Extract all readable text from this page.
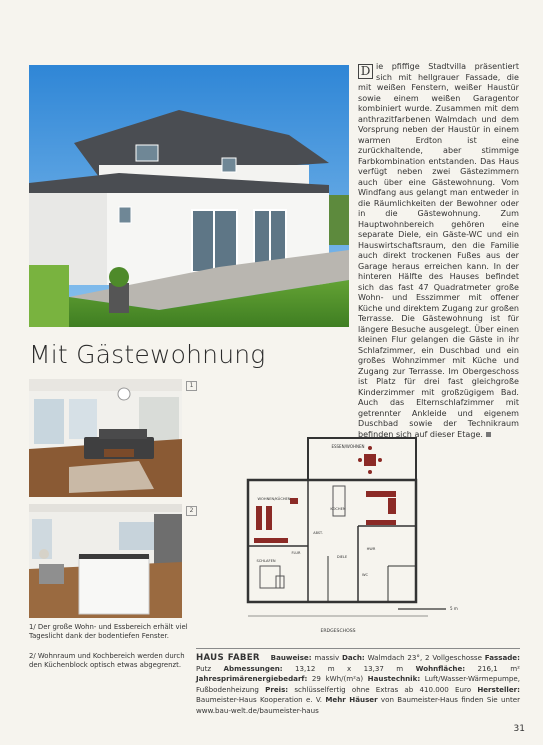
1
2
Mit Gästewohnung
D ie pfiffige Stadtvilla präsentiert sich mit hellgrauer Fassade, die mit weißen Fenstern, weißer Haustür sowie einem weißen Garagentor kombiniert wurde. Zusammen mit dem anthrazitfarbenen Walmdach und dem Vorsprung neben der Haustür in einem warmen Erdton ist eine zurückhaltende, aber stimmige Farbkombination entstanden. Das Haus verfügt neben zwei Gästezimmern auch über eine Gästewohnung. Vom Windfang aus gelangt man entweder in die Räumlichkeiten der Bewohner oder in die Gästewohnung. Zum Hauptwohnbereich gehören eine separate Diele, ein Gäste-WC und ein Hauswirtschaftsraum, den die Familie auch direkt trockenen Fußes aus der Garage heraus erreichen kann. In der hinteren Hälfte des Hauses befindet sich das fast 47 Quadratmeter große Wohn- und Esszimmer mit offener Küche und direktem Zugang zur großen Terrasse. Die Gästewohnung ist für längere Besuche ausgelegt. Über einen kleinen Flur gelangen die Gäste in ihr Schlafzimmer, ein Duschbad und ein großes Wohnzimmer mit Küche und Zugang zur Terrasse. Im Obergeschoss ist Platz für drei fast gleichgroße Kinderzimmer mit großzügigem Bad. Auch das Elternschlafzimmer mit getrennter Ankleide und eigenem Duschbad sowie der Technikraum befinden sich auf dieser Etage.
ESSEN/WOHNEN
WOHNEN/KÜCHEN
KOCHEN
ABST.
FLUR
DIELE
HWR
SCHLAFEN
WC
5 m
ERDGESCHOSS
1/ Der große Wohn- und Essbereich erhält viel Tageslicht dank der bodentiefen Fenster.
2/ Wohnraum und Kochbereich werden durch den Küchenblock optisch etwas abgegrenzt.
HAUS FABER Bauweise: massiv Dach: Walmdach 23°, 2 Vollgeschosse Fassade: Putz Abmessungen: 13,12 m x 13,37 m Wohnfläche: 216,1 m² Jahresprimärenergiebedarf: 29 kWh/(m²a) Haustechnik: Luft/Wasser-Wärmepumpe, Fußbodenheizung Preis: schlüsselfertig ohne Extras ab 410.000 Euro Hersteller: Baumeister-Haus Kooperation e. V. Mehr Häuser von Baumeister-Haus finden Sie unter www.bau-welt.de/baumeister-haus
31
